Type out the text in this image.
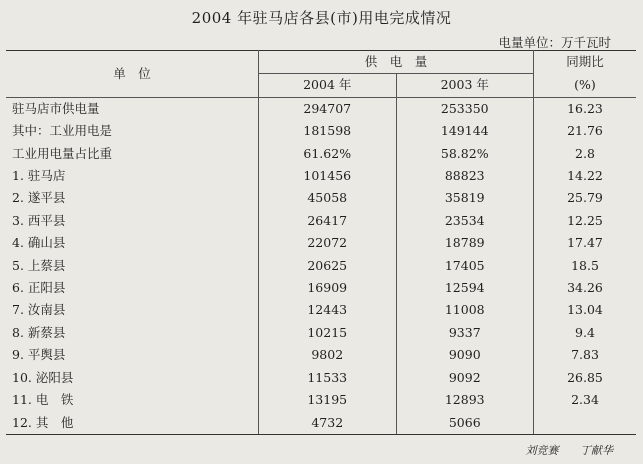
2004 年驻马店各县(市)用电完成情况
电量单位：万千瓦时
单　位	供　电　量		同期比
	2004 年	2003 年	(%)
驻马店市供电量	294707	253350	16.23
其中：工业用电是	181598	149144	21.76
工业用电量占比重	61.62%	58.82%	2.8
1. 驻马店	101456	88823	14.22
2. 遂平县	45058	35819	25.79
3. 西平县	26417	23534	12.25
4. 确山县	22072	18789	17.47
5. 上蔡县	20625	17405	18.5
6. 正阳县	16909	12594	34.26
7. 汝南县	12443	11008	13.04
8. 新蔡县	10215	9337	9.4
9. 平舆县	9802	9090	7.83
10. 泌阳县	11533	9092	26.85
11. 电　铁	13195	12893	2.34
12. 其　他	4732	5066	
刘竞赛 丁献华
